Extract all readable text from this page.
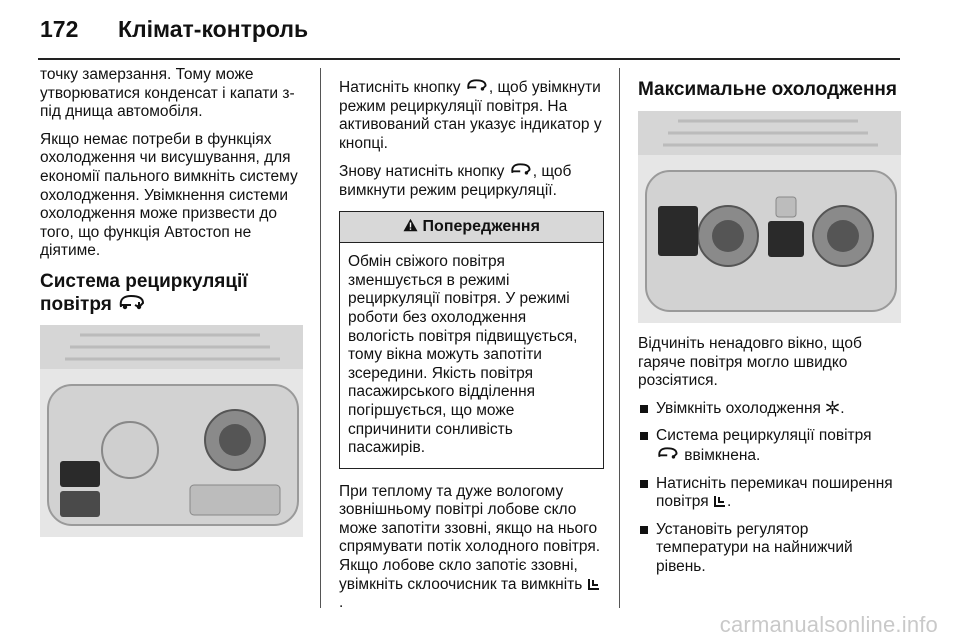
172 Клімат-контроль

точку замерзання. Тому може утворюватися конденсат і капати з-під днища автомобіля.

Якщо немає потреби в функціях охолодження чи висушування, для економії пального вимкніть систему охолодження. Увімкнення системи охолодження може призвести до того, що функція Автостоп не діятиме.

Система рециркуляції повітря

Натисніть кнопку , щоб увімкнути режим рециркуляції повітря. На активований стан указує індикатор у кнопці.

Знову натисніть кнопку , щоб вимкнути режим рециркуляції.

Попередження
Обмін свіжого повітря зменшується в режимі рециркуляції повітря. У режимі роботи без охолодження вологість повітря підвищується, тому вікна можуть запотіти зсередини. Якість повітря пасажирського відділення погіршується, що може спричинити сонливість пасажирів.

При теплому та дуже вологому зовнішньому повітрі лобове скло може запотіти ззовні, якщо на нього спрямувати потік холодного повітря. Якщо лобове скло запотіє ззовні, увімкніть склоочисник та вимкніть .

Максимальне охолодження

Відчиніть ненадовго вікно, щоб гаряче повітря могло швидко розсіятися.

Увімкніть охолодження .
Система рециркуляції повітря
ввімкнена.
Натисніть перемикач поширення повітря .
Установіть регулятор температури на найнижчий рівень.
carmanualsonline.info
